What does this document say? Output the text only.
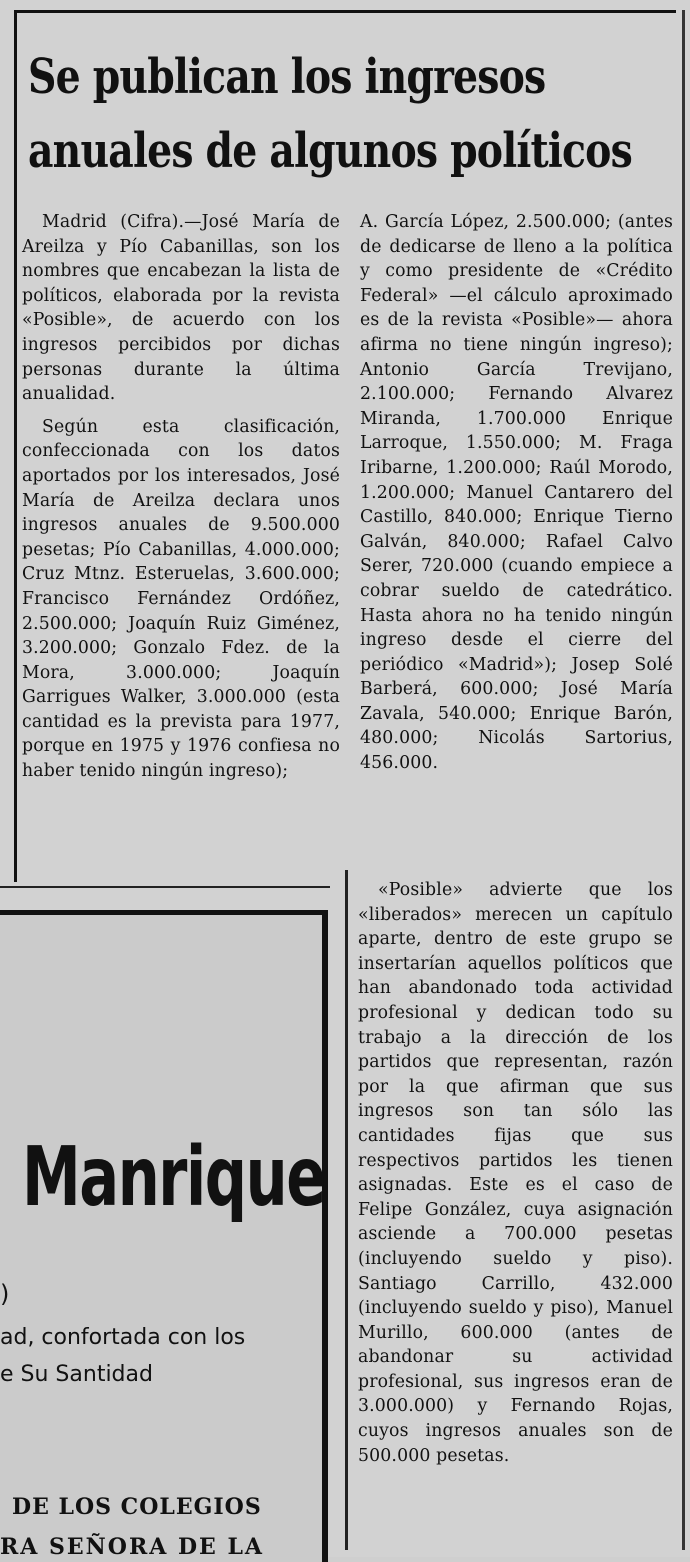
Se publican los ingresos
anuales de algunos políticos

Madrid (Cifra).—José María de Areilza y Pío Cabanillas, son los nombres que encabezan la lista de políticos, elaborada por la revista «Posible», de acuerdo con los ingresos percibidos por dichas personas durante la última anualidad.

Según esta clasificación, confeccionada con los datos aportados por los interesados, José María de Areilza declara unos ingresos anuales de 9.500.000 pesetas; Pío Cabanillas, 4.000.000; Cruz Mtnz. Esteruelas, 3.600.000; Francisco Fernández Ordóñez, 2.500.000; Joaquín Ruiz Giménez, 3.200.000; Gonzalo Fdez. de la Mora, 3.000.000; Joaquín Garrigues Walker, 3.000.000 (esta cantidad es la prevista para 1977, porque en 1975 y 1976 confiesa no haber tenido ningún ingreso);

A. García López, 2.500.000; (antes de dedicarse de lleno a la política y como presidente de «Crédito Federal» —el cálculo aproximado es de la revista «Posible»— ahora afirma no tiene ningún ingreso); Antonio García Trevijano, 2.100.000; Fernando Alvarez Miranda, 1.700.000 Enrique Larroque, 1.550.000; M. Fraga Iribarne, 1.200.000; Raúl Morodo, 1.200.000; Manuel Cantarero del Castillo, 840.000; Enrique Tierno Galván, 840.000; Rafael Calvo Serer, 720.000 (cuando empiece a cobrar sueldo de catedrático. Hasta ahora no ha tenido ningún ingreso desde el cierre del periódico «Madrid»); Josep Solé Barberá, 600.000; José María Zavala, 540.000; Enrique Barón, 480.000; Nicolás Sartorius, 456.000.

«Posible» advierte que los «liberados» merecen un capítulo aparte, dentro de este grupo se insertarían aquellos políticos que han abandonado toda actividad profesional y dedican todo su trabajo a la dirección de los partidos que representan, razón por la que afirman que sus ingresos son tan sólo las cantidades fijas que sus respectivos partidos les tienen asignadas. Este es el caso de Felipe González, cuya asignación asciende a 700.000 pesetas (incluyendo sueldo y piso). Santiago Carrillo, 432.000 (incluyendo sueldo y piso), Manuel Murillo, 600.000 (antes de abandonar su actividad profesional, sus ingresos eran de 3.000.000) y Fernando Rojas, cuyos ingresos anuales son de 500.000 pesetas.

Manrique
)
ad, confortada con los
e Su Santidad
DE LOS COLEGIOS
RA SEÑORA DE LA
